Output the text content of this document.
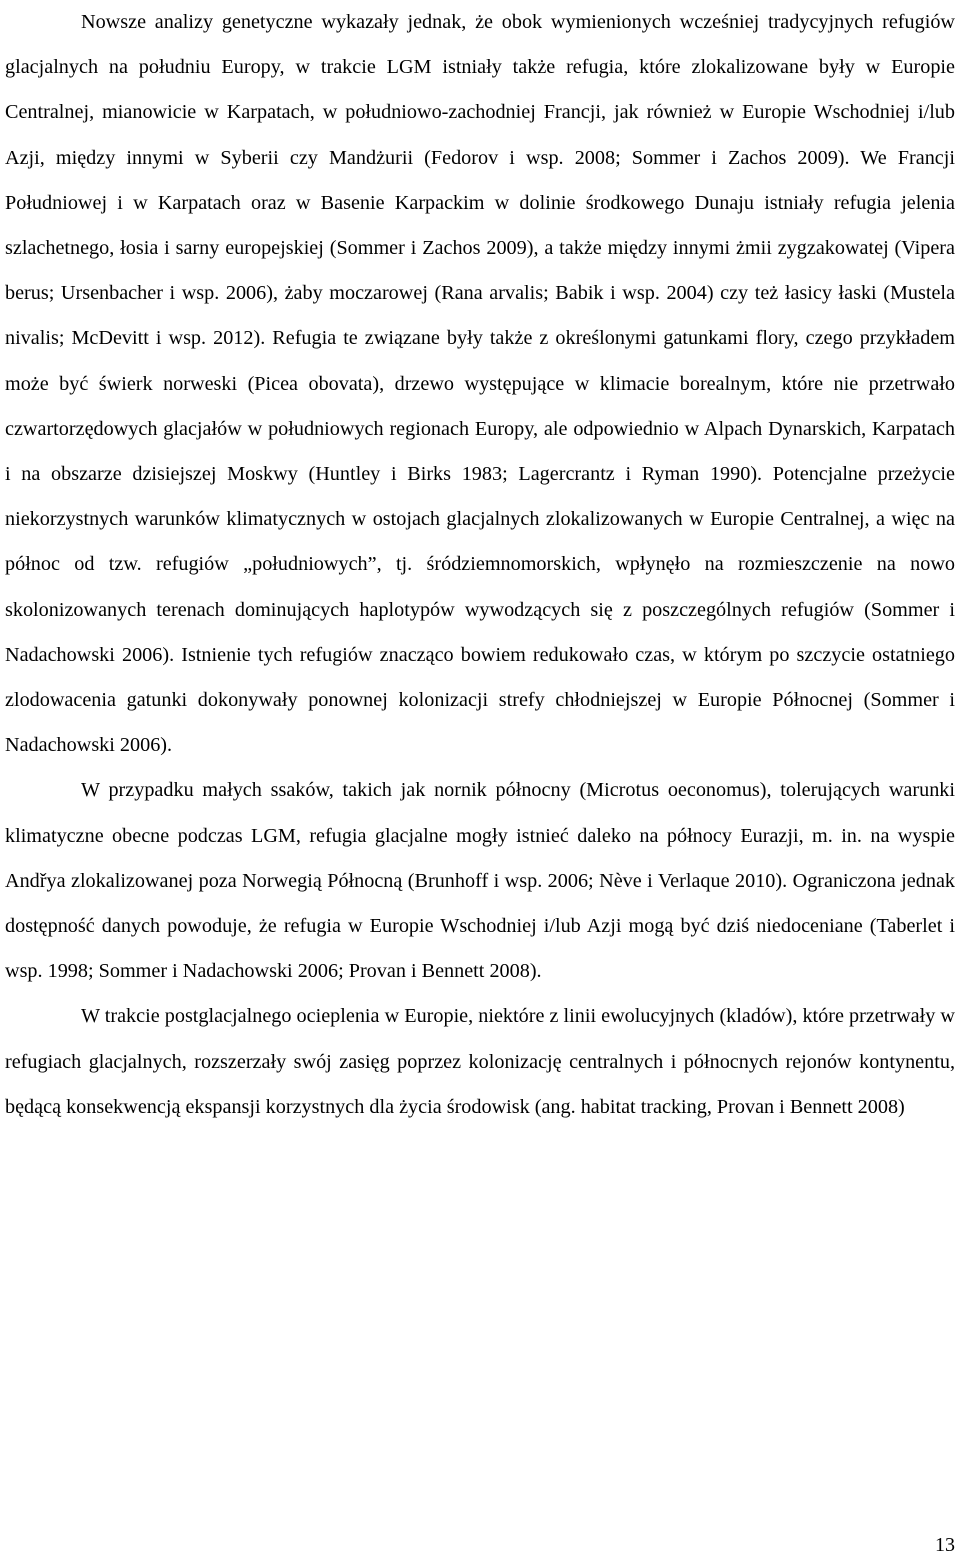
Nowsze analizy genetyczne wykazały jednak, że obok wymienionych wcześniej tradycyjnych refugiów glacjalnych na południu Europy, w trakcie LGM istniały także refugia, które zlokalizowane były w Europie Centralnej, mianowicie w Karpatach, w południowo-zachodniej Francji, jak również w Europie Wschodniej i/lub Azji, między innymi w Syberii czy Mandżurii (Fedorov i wsp. 2008; Sommer i Zachos 2009). We Francji Południowej i w Karpatach oraz w Basenie Karpackim w dolinie środkowego Dunaju istniały refugia jelenia szlachetnego, łosia i sarny europejskiej (Sommer i Zachos 2009), a także między innymi żmii zygzakowatej (Vipera berus; Ursenbacher i wsp. 2006), żaby moczarowej (Rana arvalis; Babik i wsp. 2004) czy też łasicy łaski (Mustela nivalis; McDevitt i wsp. 2012). Refugia te związane były także z określonymi gatunkami flory, czego przykładem może być świerk norweski (Picea obovata), drzewo występujące w klimacie borealnym, które nie przetrwało czwartorzędowych glacjałów w południowych regionach Europy, ale odpowiednio w Alpach Dynarskich, Karpatach i na obszarze dzisiejszej Moskwy (Huntley i Birks 1983; Lagercrantz i Ryman 1990). Potencjalne przeżycie niekorzystnych warunków klimatycznych w ostojach glacjalnych zlokalizowanych w Europie Centralnej, a więc na północ od tzw. refugiów „południowych”, tj. śródziemnomorskich, wpłynęło na rozmieszczenie na nowo skolonizowanych terenach dominujących haplotypów wywodzących się z poszczególnych refugiów (Sommer i Nadachowski 2006). Istnienie tych refugiów znacząco bowiem redukowało czas, w którym po szczycie ostatniego zlodowacenia gatunki dokonywały ponownej kolonizacji strefy chłodniejszej w Europie Północnej (Sommer i Nadachowski 2006).

W przypadku małych ssaków, takich jak nornik północny (Microtus oeconomus), tolerujących warunki klimatyczne obecne podczas LGM, refugia glacjalne mogły istnieć daleko na północy Eurazji, m. in. na wyspie Andřya zlokalizowanej poza Norwegią Północną (Brunhoff i wsp. 2006; Nève i Verlaque 2010). Ograniczona jednak dostępność danych powoduje, że refugia w Europie Wschodniej i/lub Azji mogą być dziś niedoceniane (Taberlet i wsp. 1998; Sommer i Nadachowski 2006; Provan i Bennett 2008).

W trakcie postglacjalnego ocieplenia w Europie, niektóre z linii ewolucyjnych (kladów), które przetrwały w refugiach glacjalnych, rozszerzały swój zasięg poprzez kolonizację centralnych i północnych rejonów kontynentu, będącą konsekwencją ekspansji korzystnych dla życia środowisk (ang. habitat tracking, Provan i Bennett 2008)

13
